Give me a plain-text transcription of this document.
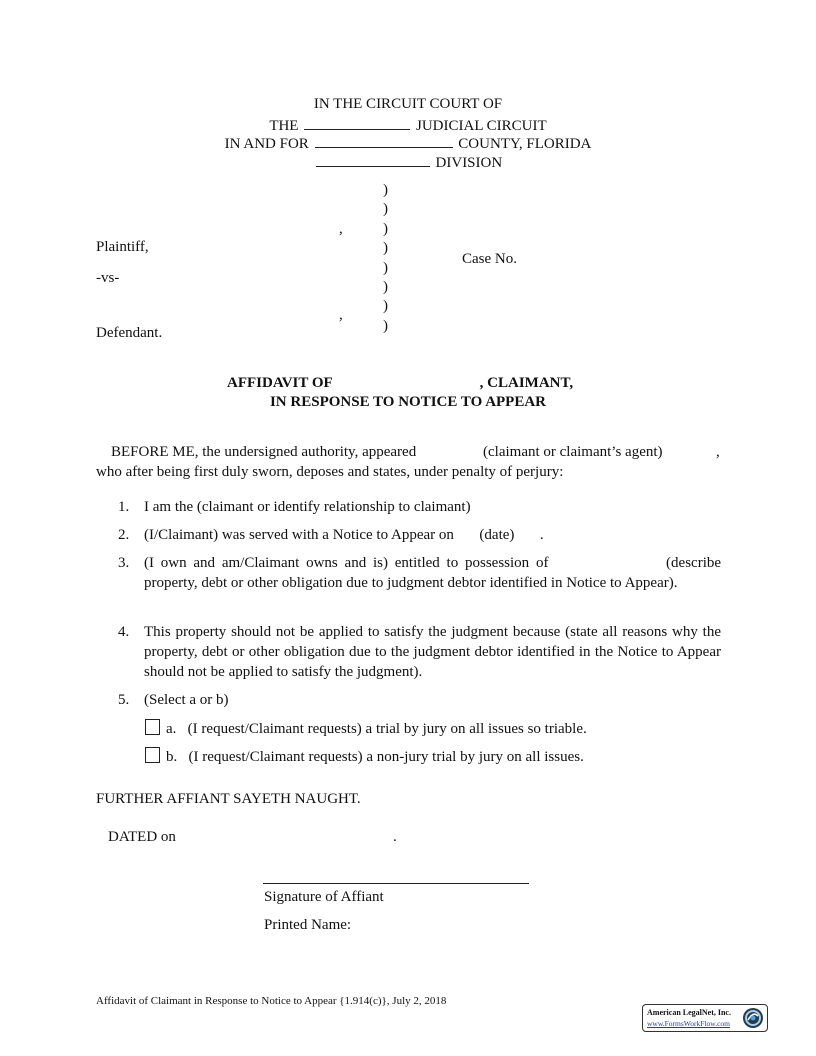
IN THE CIRCUIT COURT OF
THE	JUDICIAL CIRCUIT
IN AND FOR	COUNTY, FLORIDA
DIVISION
)
)
)
)
)
)
)
)
,
,
Plaintiff,
-vs-
Defendant.
Case No.
AFFIDAVIT OF	, CLAIMANT,
IN RESPONSE TO NOTICE TO APPEAR
BEFORE ME, the undersigned authority, appeared	(claimant or claimant’s agent)	,
who after being first duly sworn, deposes and states, under penalty of perjury:
1. I am the (claimant or identify relationship to claimant)
2. (I/Claimant) was served with a Notice to Appear on (date) .
3. (I own and am/Claimant owns and is) entitled to possession of	(describe property, debt or other obligation due to judgment debtor identified in Notice to Appear).
4. This property should not be applied to satisfy the judgment because (state all reasons why the property, debt or other obligation due to the judgment debtor identified in the Notice to Appear should not be applied to satisfy the judgment).
5. (Select a or b)
a. (I request/Claimant requests) a trial by jury on all issues so triable.
b. (I request/Claimant requests) a non-jury trial by jury on all issues.
FURTHER AFFIANT SAYETH NAUGHT.
DATED on	.
Signature of Affiant
Printed Name:
Affidavit of Claimant in Response to Notice to Appear {1.914(c)}, July 2, 2018
American LegalNet, Inc.
www.FormsWorkFlow.com
